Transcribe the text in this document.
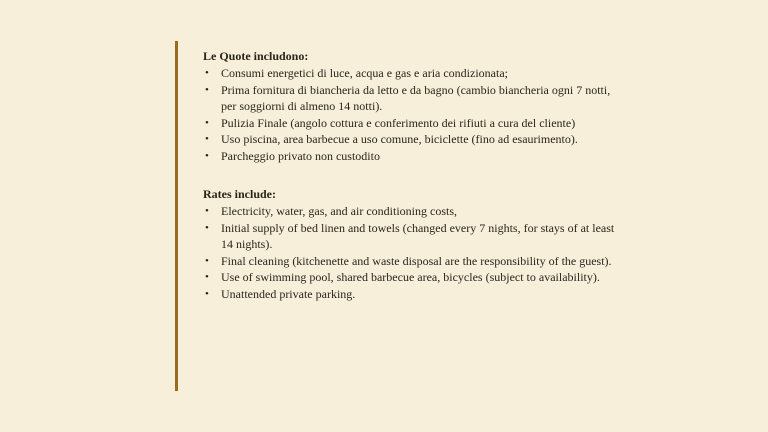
Le Quote includono:

• Consumi energetici di luce, acqua e gas e aria condizionata;
• Prima fornitura di biancheria da letto e da bagno (cambio biancheria ogni 7 notti, per soggiorni di almeno 14 notti).
• Pulizia Finale (angolo cottura e conferimento dei rifiuti a cura del cliente)
• Uso piscina, area barbecue a uso comune, biciclette (fino ad esaurimento).
• Parcheggio privato non custodito

Rates include:

• Electricity, water, gas, and air conditioning costs,
• Initial supply of bed linen and towels (changed every 7 nights, for stays of at least 14 nights).
• Final cleaning (kitchenette and waste disposal are the responsibility of the guest).
• Use of swimming pool, shared barbecue area, bicycles (subject to availability).
• Unattended private parking.
